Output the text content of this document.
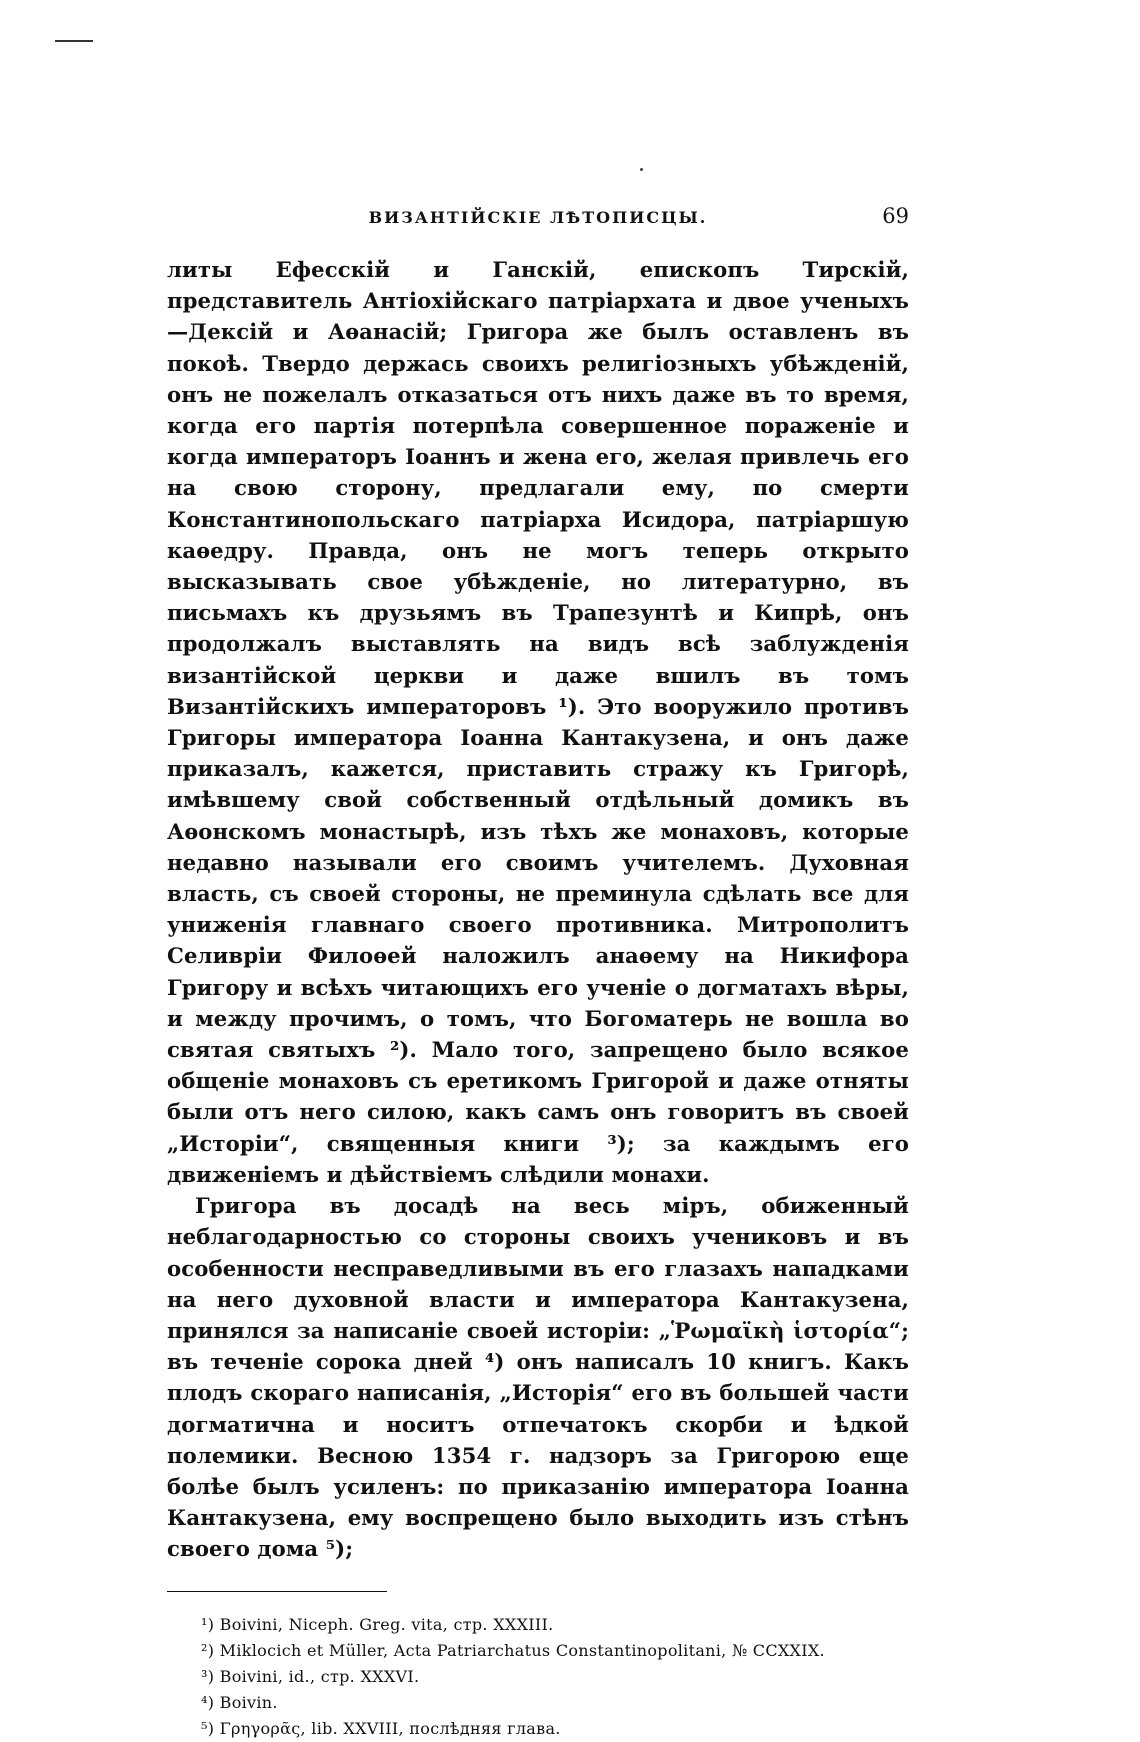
ВИЗАНТІЙСКІЕ ЛѢТОПИСЦЫ.	69

литы Ефесскій и Ганскій, епископъ Тирскій, представитель Антіохійскаго патріархата и двое ученыхъ—Дексій и Аѳанасій; Григора же былъ оставленъ въ покоѣ. Твердо держась своихъ религіозныхъ убѣжденій, онъ не пожелалъ отказаться отъ нихъ даже въ то время, когда его партія потерпѣла совершенное пораженіе и когда императоръ Іоаннъ и жена его, желая привлечь его на свою сторону, предлагали ему, по смерти Константинопольскаго патріарха Исидора, патріаршую каѳедру. Правда, онъ не могъ теперь открыто высказывать свое убѣжденіе, но литературно, въ письмахъ къ друзьямъ въ Трапезунтѣ и Кипрѣ, онъ продолжалъ выставлять на видъ всѣ заблужденія византійской церкви и даже вшилъ въ томъ Византійскихъ императоровъ ¹). Это вооружило противъ Григоры императора Іоанна Кантакузена, и онъ даже приказалъ, кажется, приставить стражу къ Григорѣ, имѣвшему свой собственный отдѣльный домикъ въ Аѳонскомъ монастырѣ, изъ тѣхъ же монаховъ, которые недавно называли его своимъ учителемъ. Духовная власть, съ своей стороны, не преминула сдѣлать все для униженія главнаго своего противника. Митрополитъ Селивріи Филоѳей наложилъ анаѳему на Никифора Григору и всѣхъ читающихъ его ученіе о догматахъ вѣры, и между прочимъ, о томъ, что Богоматерь не вошла во святая святыхъ ²). Мало того, запрещено было всякое общеніе монаховъ съ еретикомъ Григорой и даже отняты были отъ него силою, какъ самъ онъ говоритъ въ своей „Исторіи“, священныя книги ³); за каждымъ его движеніемъ и дѣйствіемъ слѣдили монахи.

Григора въ досадѣ на весь міръ, обиженный неблагодарностью со стороны своихъ учениковъ и въ особенности несправедливыми въ его глазахъ нападками на него духовной власти и императора Кантакузена, принялся за написаніе своей исторіи: „Ῥωμαϊκὴ ἱστορία“; въ теченіе сорока дней ⁴) онъ написалъ 10 книгъ. Какъ плодъ скораго написанія, „Исторія“ его въ большей части догматична и носитъ отпечатокъ скорби и ѣдкой полемики. Весною 1354 г. надзоръ за Григорою еще болѣе былъ усиленъ: по приказанію императора Іоанна Кантакузена, ему воспрещено было выходить изъ стѣнъ своего дома ⁵);

¹) Boivini, Niceph. Greg. vita, стр. XXXIII.
²) Miklocich et Müller, Acta Patriarchatus Constantinopolitani, № CCXXIX.
³) Boivini, id., стр. XXXVI.
⁴) Boivin.
⁵) Γρηγορᾶς, lib. XXVIII, послѣдняя глава.
